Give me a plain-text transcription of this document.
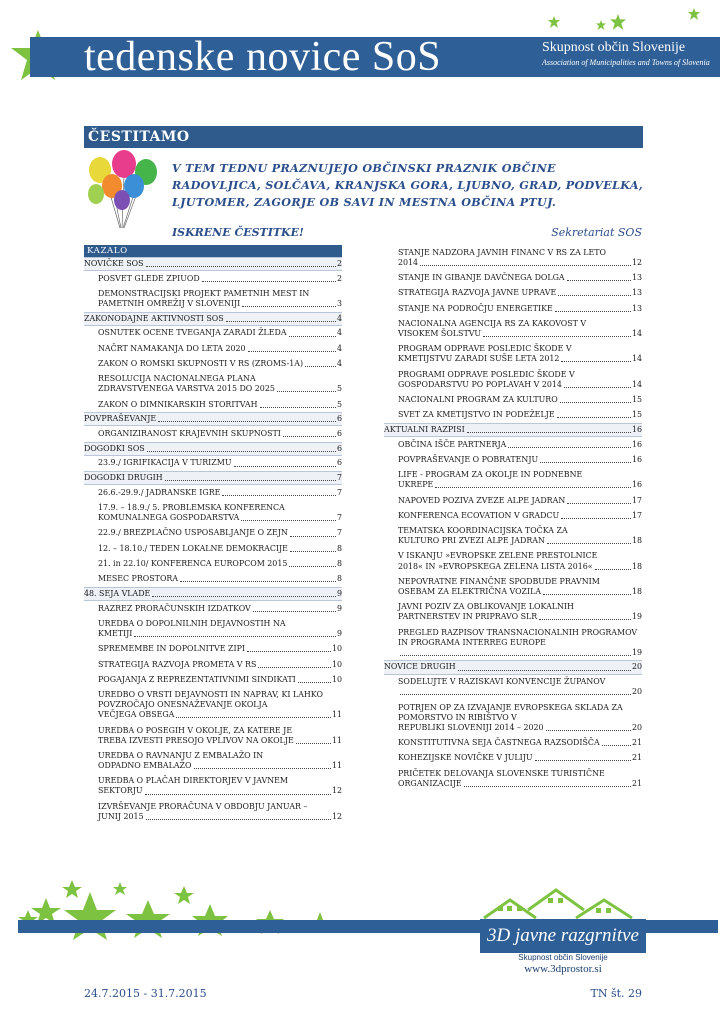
tedenske novice SoS	Skupnost občin Slovenije
Association of Municipalities and Towns of Slovenia
ČESTITAMO
V TEM TEDNU PRAZNUJEJO OBČINSKI PRAZNIK OBČINE RADOVLJICA, SOLČAVA, KRANJSKA GORA, LJUBNO, GRAD, PODVELKA, LJUTOMER, ZAGORJE OB SAVI IN MESTNA OBČINA PTUJ.
ISKRENE ČESTITKE!	Sekretariat SOS
KAZALO
NOVIČKE SOS	2
POSVET GLEDE ZPIUOD	2
DEMONSTRACIJSKI PROJEKT PAMETNIH MEST IN
PAMETNIH OMREŽIJ V SLOVENIJI	3
ZAKONODAJNE AKTIVNOSTI SOS	4
OSNUTEK OCENE TVEGANJA ZARADI ŽLEDA	4
NAČRT NAMAKANJA DO LETA 2020	4
ZAKON O ROMSKI SKUPNOSTI V RS (ZROMS-1A)	4
RESOLUCIJA NACIONALNEGA PLANA
ZDRAVSTVENEGA VARSTVA 2015 DO 2025	5
ZAKON O DIMNIKARSKIH STORITVAH	5
POVPRAŠEVANJE	6
ORGANIZIRANOST KRAJEVNIH SKUPNOSTI	6
DOGODKI SOS	6
23.9./ IGRIFIKACIJA V TURIZMU	6
DOGODKI DRUGIH	7
26.6.-29.9./ JADRANSKE IGRE	7
17.9. – 18.9./ 5. PROBLEMSKA KONFERENCA
KOMUNALNEGA GOSPODARSTVA	7
22.9./ BREZPLAČNO USPOSABLJANJE O ZEJN	7
12. – 18.10./ TEDEN LOKALNE DEMOKRACIJE	8
21. in 22.10/ KONFERENCA EUROPCOM 2015	8
MESEC PROSTORA	8
48. SEJA VLADE	9
RAZREZ PRORAČUNSKIH IZDATKOV	9
UREDBA O DOPOLNILNIH DEJAVNOSTIH NA
KMETIJI	9
SPREMEMBE IN DOPOLNITVE ZIPI	10
STRATEGIJA RAZVOJA PROMETA V RS	10
POGAJANJA Z REPREZENTATIVNIMI SINDIKATI	10
UREDBO O VRSTI DEJAVNOSTI IN NAPRAV, KI LAHKO POVZROČAJO ONESNAŽEVANJE OKOLJA
VEČJEGA OBSEGA	11
UREDBA O POSEGIH V OKOLJE, ZA KATERE JE
TREBA IZVESTI PRESOJO VPLIVOV NA OKOLJE	11
UREDBA O RAVNANJU Z EMBALAŽO IN
ODPADNO EMBALAŽO	11
UREDBA O PLAČAH DIREKTORJEV V JAVNEM
SEKTORJU	12
IZVRŠEVANJE PRORAČUNA V OBDOBJU JANUAR –
JUNIJ 2015	12
STANJE NADZORA JAVNIH FINANC V RS ZA LETO
2014	12
STANJE IN GIBANJE DAVČNEGA DOLGA	13
STRATEGIJA RAZVOJA JAVNE UPRAVE	13
STANJE NA PODROČJU ENERGETIKE	13
NACIONALNA AGENCIJA RS ZA KAKOVOST V
VISOKEM ŠOLSTVU	14
PROGRAM ODPRAVE POSLEDIC ŠKODE V
KMETIJSTVU ZARADI SUŠE LETA 2012	14
PROGRAMI ODPRAVE POSLEDIC ŠKODE V
GOSPODARSTVU PO POPLAVAH V 2014	14
NACIONALNI PROGRAM ZA KULTURO	15
SVET ZA KMETIJSTVO IN PODEŽELJE	15
AKTUALNI RAZPISI	16
OBČINA IŠČE PARTNERJA	16
POVPRAŠEVANJE O POBRATENJU	16
LIFE - PROGRAM ZA OKOLJE IN PODNEBNE
UKREPE	16
NAPOVED POZIVA ZVEZE ALPE JADRAN	17
KONFERENCA ECOVATION V GRADCU	17
TEMATSKA KOORDINACIJSKA TOČKA ZA
KULTURO PRI ZVEZI ALPE JADRAN	18
V ISKANJU »EVROPSKE ZELENE PRESTOLNICE
2018« IN »EVROPSKEGA ZELENA LISTA 2016«	18
NEPOVRATNE FINANČNE SPODBUDE PRAVNIM
OSEBAM ZA ELEKTRIČNA VOZILA	18
JAVNI POZIV ZA OBLIKOVANJE LOKALNIH
PARTNERSTEV IN PRIPRAVO SLR	19
PREGLED RAZPISOV TRANSNACIONALNIH PROGRAMOV IN PROGRAMA INTERREG EUROPE
19
NOVICE DRUGIH	20
SODELUJTE V RAZISKAVI KONVENCIJE ŽUPANOV
20
POTRJEN OP ZA IZVAJANJE EVROPSKEGA SKLADA ZA POMORSTVO IN RIBIŠTVO V
REPUBLIKI SLOVENIJI 2014 – 2020	20
KONSTITUTIVNA SEJA ČASTNEGA RAZSODIŠČA	21
KOHEZIJSKE NOVIČKE V JULIJU	21
PRIČETEK DELOVANJA SLOVENSKE TURISTIČNE
ORGANIZACIJE	21
3D javne razgrnitve
Skupnost občin Slovenije
www.3dprostor.si
24.7.2015 - 31.7.2015	TN št. 29
